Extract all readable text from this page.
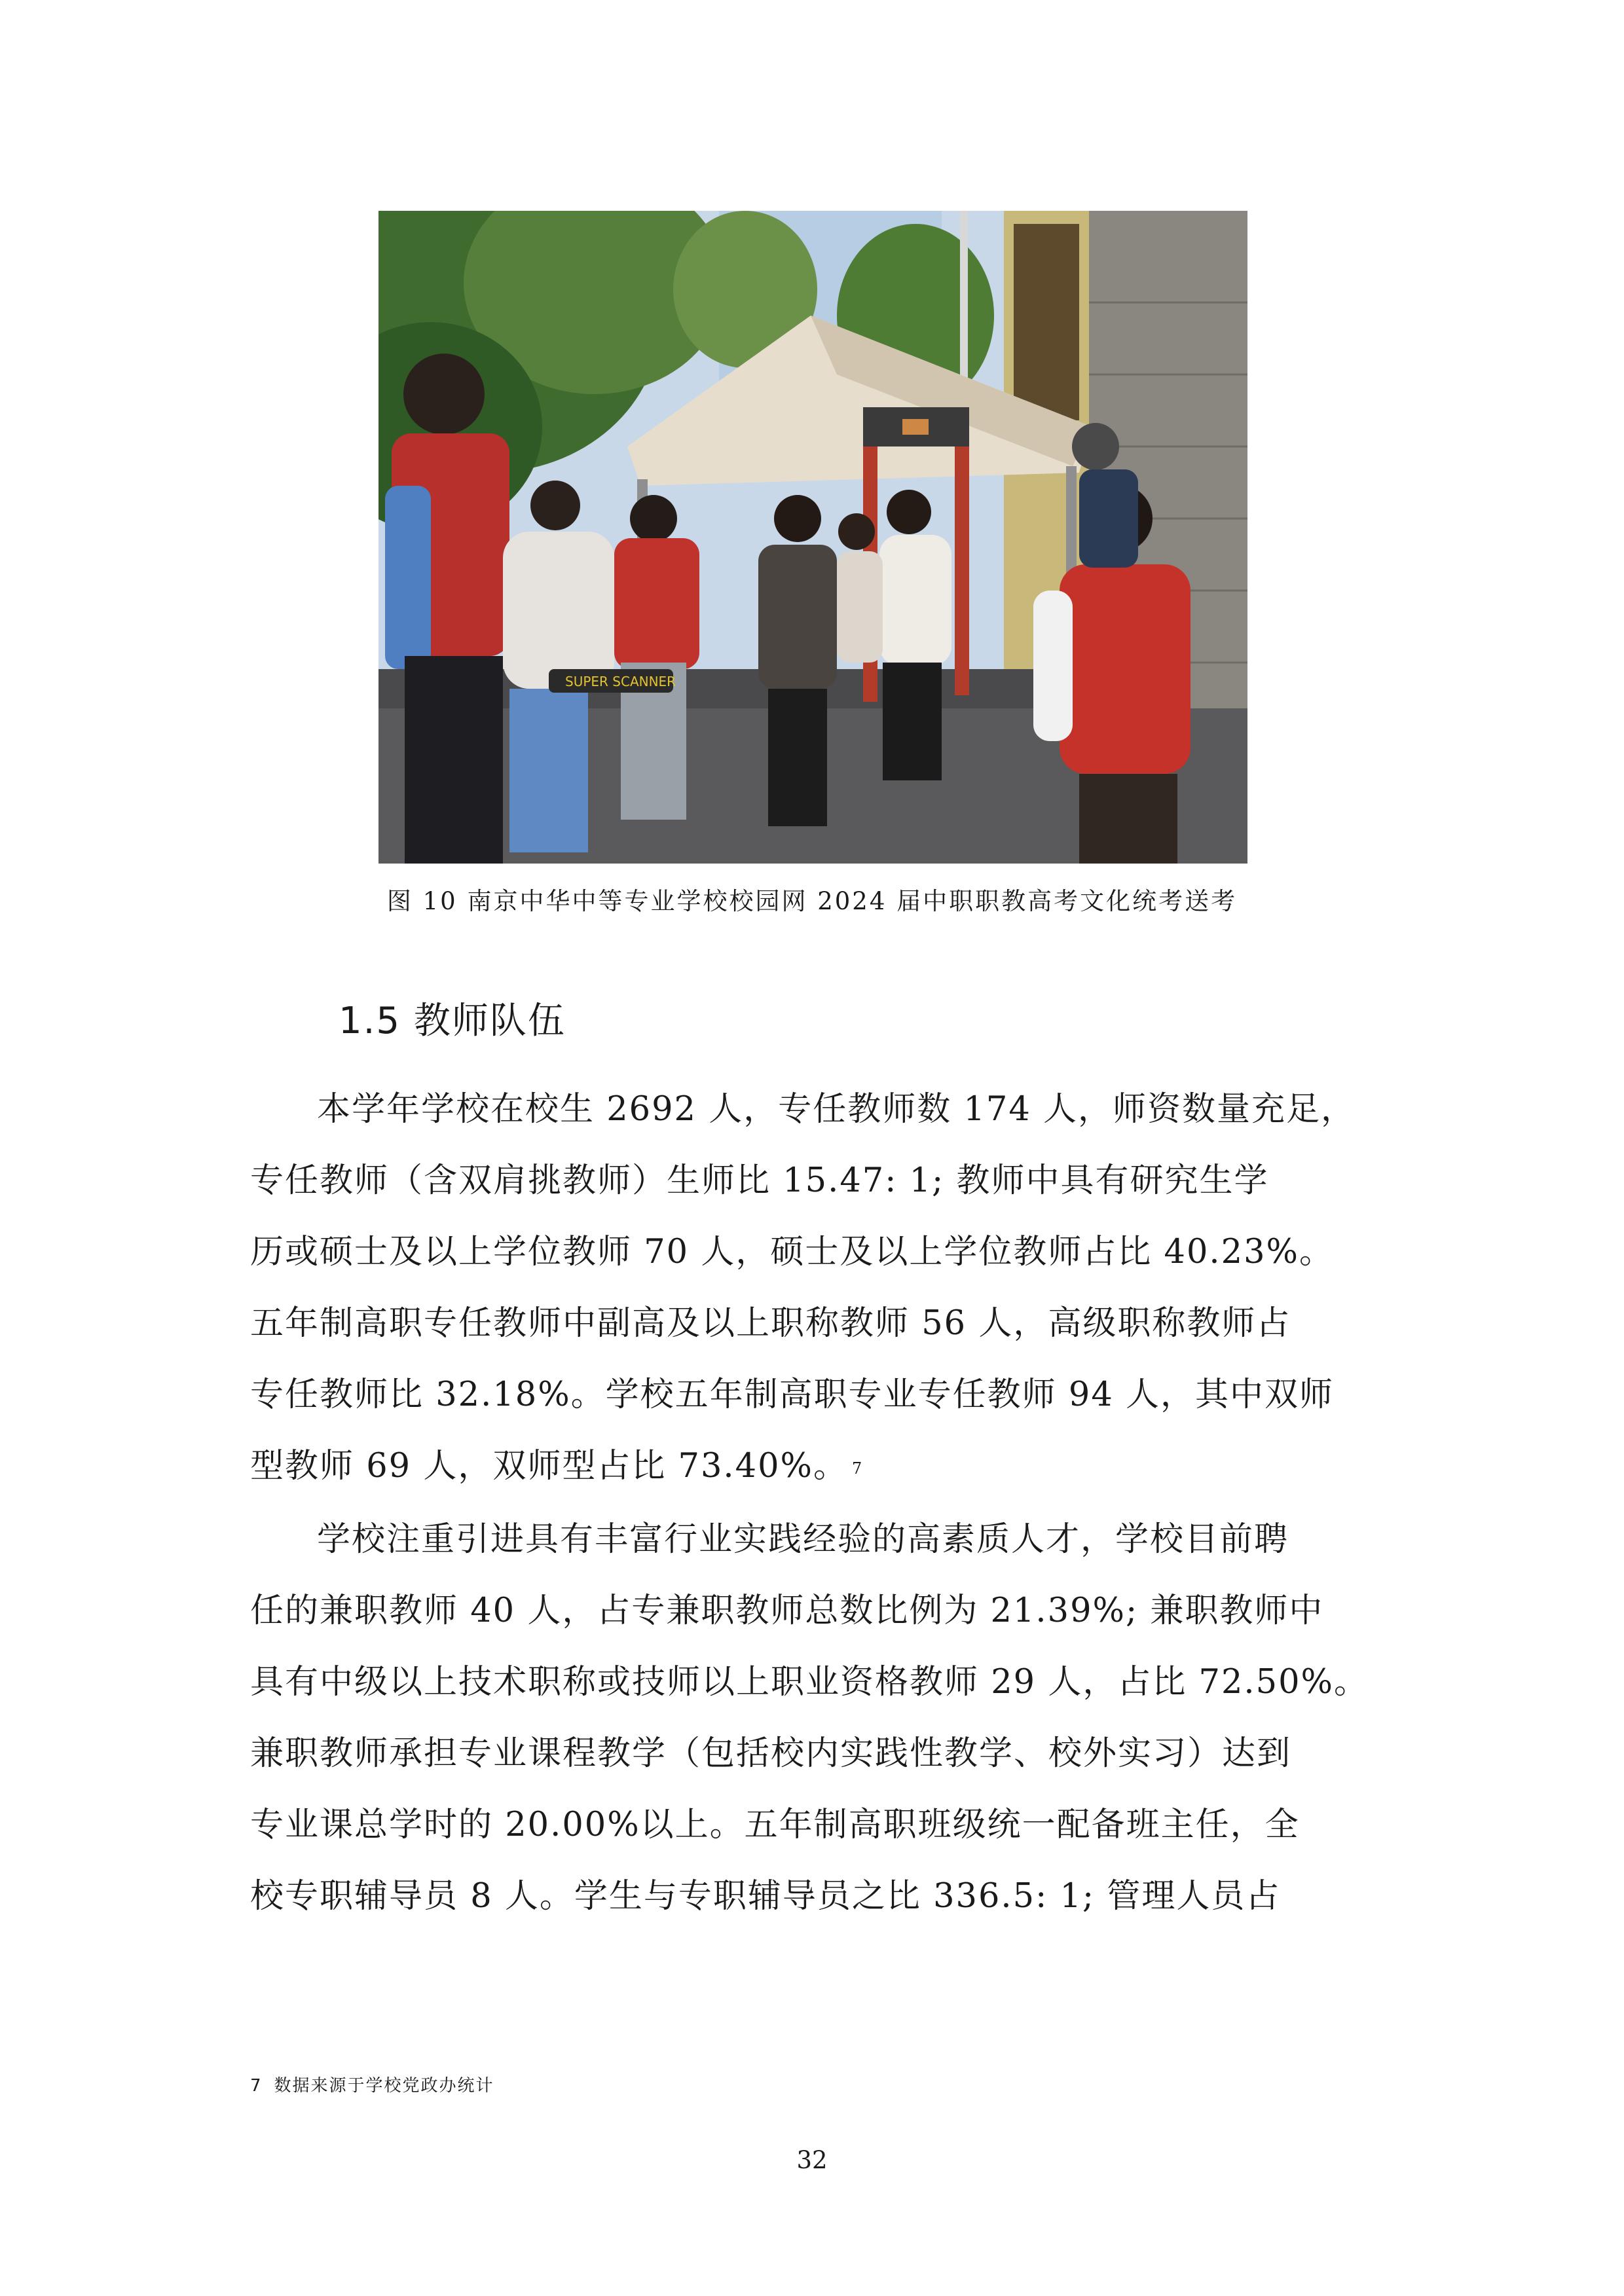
SUPER SCANNER
图 10 南京中华中等专业学校校园网 2024 届中职职教高考文化统考送考
1.5 教师队伍
本学年学校在校生 2692 人，专任教师数 174 人，师资数量充足，
专任教师（含双肩挑教师）生师比 15.47: 1; 教师中具有研究生学
历或硕士及以上学位教师 70 人，硕士及以上学位教师占比 40.23%。
五年制高职专任教师中副高及以上职称教师 56 人，高级职称教师占
专任教师比 32.18%。学校五年制高职专业专任教师 94 人，其中双师
型教师 69 人，双师型占比 73.40%。 $^7$
学校注重引进具有丰富行业实践经验的高素质人才，学校目前聘
任的兼职教师 40 人，占专兼职教师总数比例为 21.39%; 兼职教师中
具有中级以上技术职称或技师以上职业资格教师 29 人，占比 72.50%。
兼职教师承担专业课程教学（包括校内实践性教学、校外实习）达到
专业课总学时的 20.00%以上。五年制高职班级统一配备班主任，全
校专职辅导员 8 人。学生与专职辅导员之比 336.5: 1; 管理人员占
7 数据来源于学校党政办统计
32
